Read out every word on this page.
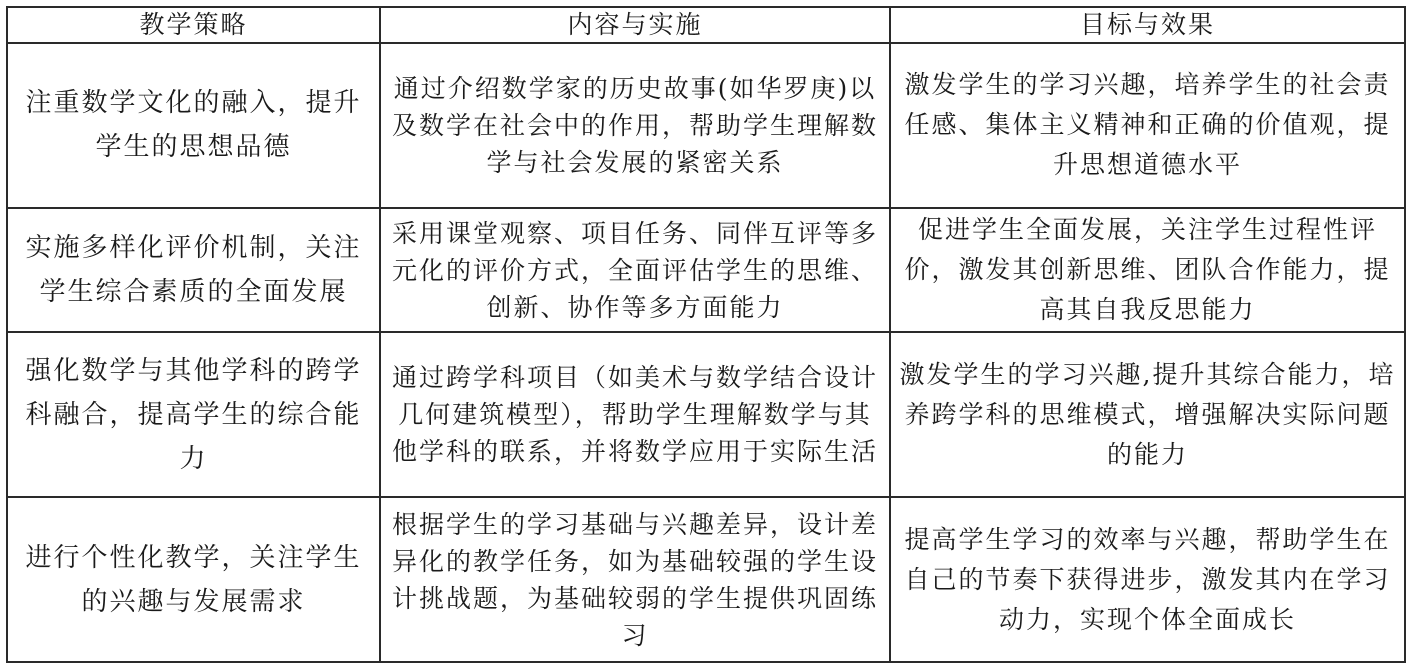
教学策略	内容与实施	目标与效果
注重数学文化的融入，提升学生的思想品德	通过介绍数学家的历史故事(如华罗庚)以及数学在社会中的作用，帮助学生理解数学与社会发展的紧密关系	激发学生的学习兴趣，培养学生的社会责任感、集体主义精神和正确的价值观，提升思想道德水平
实施多样化评价机制，关注学生综合素质的全面发展	采用课堂观察、项目任务、同伴互评等多元化的评价方式，全面评估学生的思维、创新、协作等多方面能力	促进学生全面发展，关注学生过程性评价，激发其创新思维、团队合作能力，提高其自我反思能力
强化数学与其他学科的跨学科融合，提高学生的综合能力	通过跨学科项目（如美术与数学结合设计几何建筑模型），帮助学生理解数学与其他学科的联系，并将数学应用于实际生活	激发学生的学习兴趣,提升其综合能力，培养跨学科的思维模式，增强解决实际问题的能力
进行个性化教学，关注学生的兴趣与发展需求	根据学生的学习基础与兴趣差异，设计差异化的教学任务，如为基础较强的学生设计挑战题，为基础较弱的学生提供巩固练习	提高学生学习的效率与兴趣，帮助学生在自己的节奏下获得进步，激发其内在学习动力，实现个体全面成长
